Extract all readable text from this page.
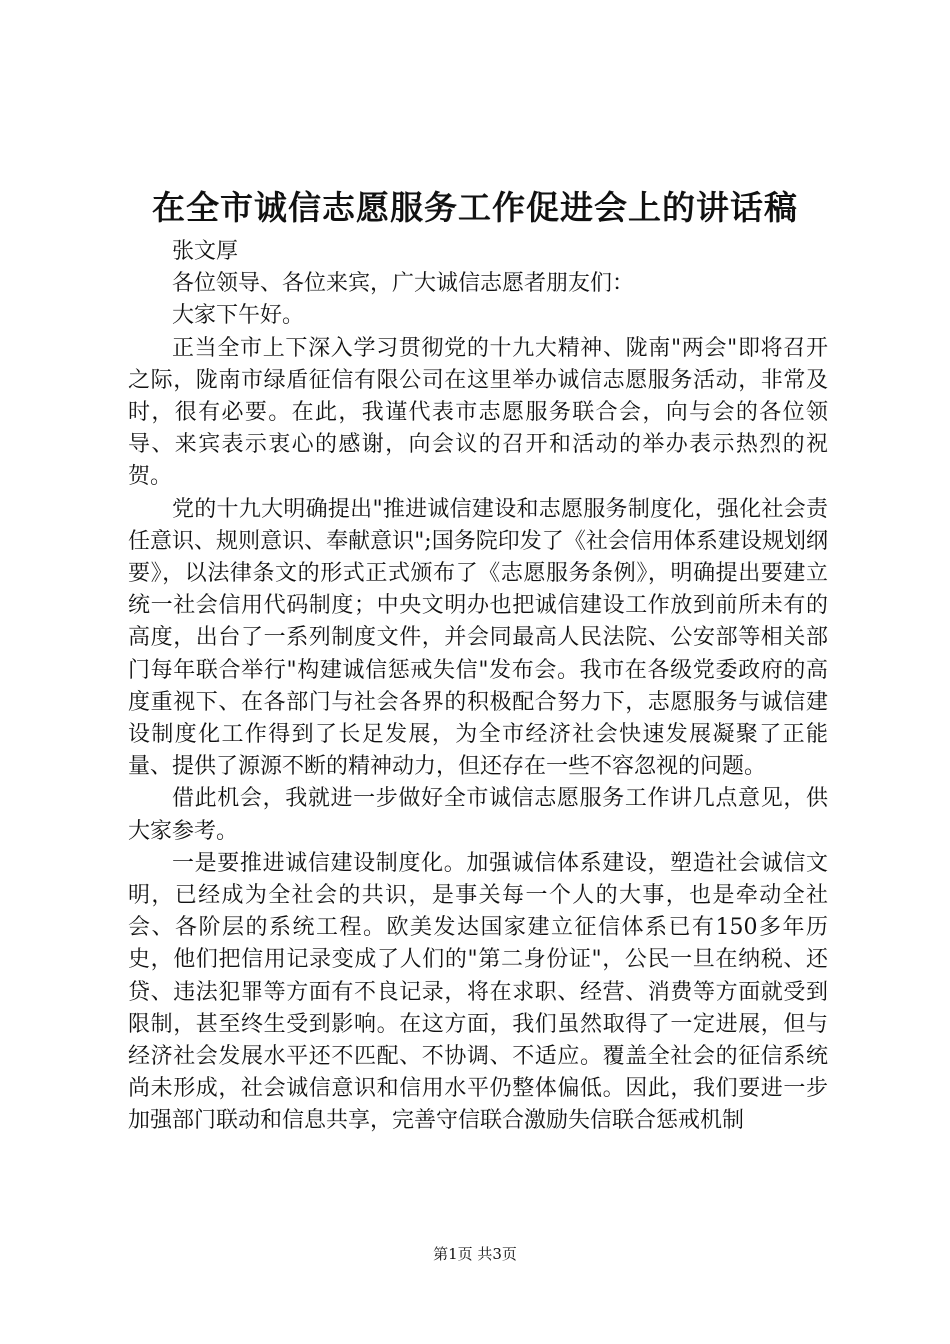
在全市诚信志愿服务工作促进会上的讲话稿

张文厚

各位领导、各位来宾，广大诚信志愿者朋友们：

大家下午好。

正当全市上下深入学习贯彻党的十九大精神、陇南"两会"即将召开之际，陇南市绿盾征信有限公司在这里举办诚信志愿服务活动，非常及时，很有必要。在此，我谨代表市志愿服务联合会，向与会的各位领导、来宾表示衷心的感谢，向会议的召开和活动的举办表示热烈的祝贺。

党的十九大明确提出"推进诚信建设和志愿服务制度化，强化社会责任意识、规则意识、奉献意识";国务院印发了《社会信用体系建设规划纲要》，以法律条文的形式正式颁布了《志愿服务条例》，明确提出要建立统一社会信用代码制度；中央文明办也把诚信建设工作放到前所未有的高度，出台了一系列制度文件，并会同最高人民法院、公安部等相关部门每年联合举行"构建诚信惩戒失信"发布会。我市在各级党委政府的高度重视下、在各部门与社会各界的积极配合努力下，志愿服务与诚信建设制度化工作得到了长足发展，为全市经济社会快速发展凝聚了正能量、提供了源源不断的精神动力，但还存在一些不容忽视的问题。

借此机会，我就进一步做好全市诚信志愿服务工作讲几点意见，供大家参考。

一是要推进诚信建设制度化。加强诚信体系建设，塑造社会诚信文明，已经成为全社会的共识，是事关每一个人的大事，也是牵动全社会、各阶层的系统工程。欧美发达国家建立征信体系已有150多年历史，他们把信用记录变成了人们的"第二身份证"，公民一旦在纳税、还贷、违法犯罪等方面有不良记录，将在求职、经营、消费等方面就受到限制，甚至终生受到影响。在这方面，我们虽然取得了一定进展，但与经济社会发展水平还不匹配、不协调、不适应。覆盖全社会的征信系统尚未形成，社会诚信意识和信用水平仍整体偏低。因此，我们要进一步加强部门联动和信息共享，完善守信联合激励失信联合惩戒机制

第1页 共3页
